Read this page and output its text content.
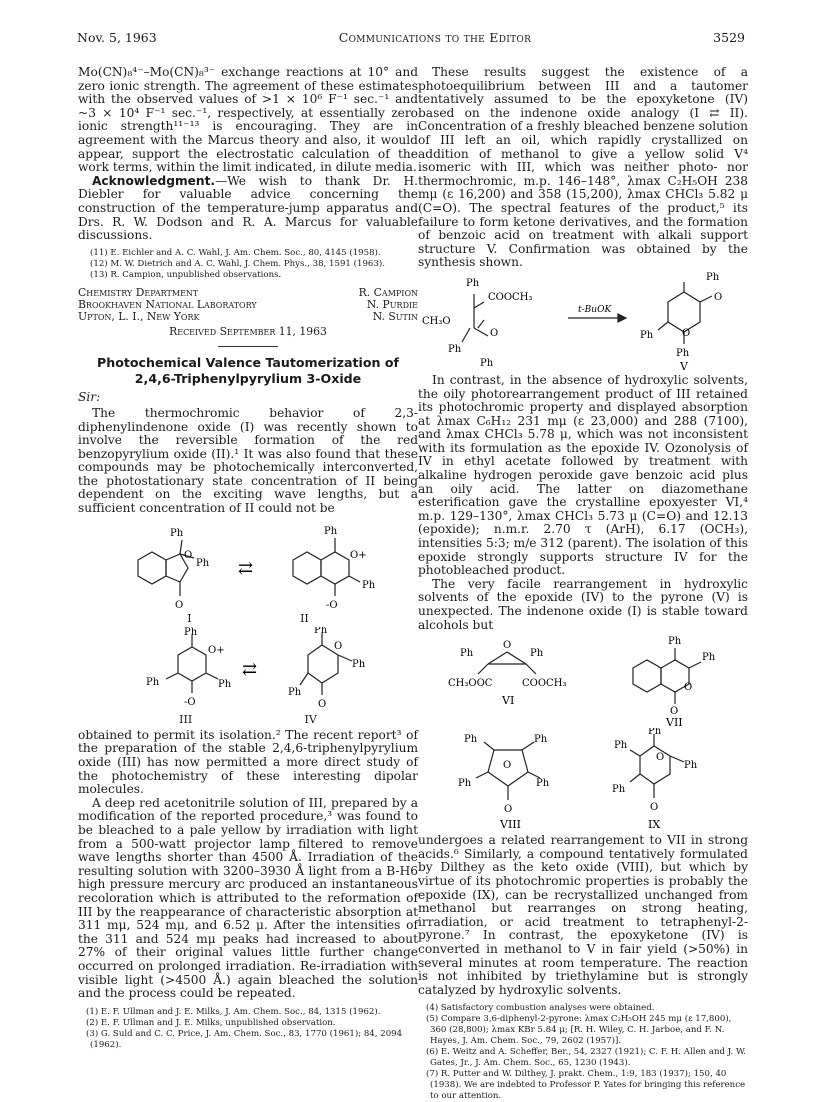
Nov. 5, 1963	Communications to the Editor	3529

Mo(CN)₈⁴⁻–Mo(CN)₈³⁻ exchange reactions at 10° and zero ionic strength. The agreement of these estimates with the observed values of >1 × 10⁶ F⁻¹ sec.⁻¹ and ~3 × 10⁴ F⁻¹ sec.⁻¹, respectively, at essentially zero ionic strength¹¹⁻¹³ is encouraging. They are in agreement with the Marcus theory and also, it would appear, support the electrostatic calculation of the work terms, within the limit indicated, in dilute media.

Acknowledgment.—We wish to thank Dr. H. Diebler for valuable advice concerning the construction of the temperature-jump apparatus and Drs. R. W. Dodson and R. A. Marcus for valuable discussions.

(11) E. Eichler and A. C. Wahl, J. Am. Chem. Soc., 80, 4145 (1958).
(12) M. W. Dietrich and A. C. Wahl, J. Chem. Phys., 38, 1591 (1963).
(13) R. Campion, unpublished observations.
Chemistry Department
Brookhaven National Laboratory
Upton, L. I., New York
R. Campion
N. Purdie
N. Sutin
Received September 11, 1963
Photochemical Valence Tautomerization of
2,4,6-Triphenylpyrylium 3-Oxide

Sir:

The thermochromic behavior of 2,3-diphenylindenone oxide (I) was recently shown to involve the reversible formation of the red benzopyrylium oxide (II).¹ It was also found that these compounds may be photochemically interconverted, the photostationary state concentration of II being dependent on the exciting wave lengths, but a sufficient concentration of II could not be

Ph
O
Ph
O
Ph
O+
Ph
-O
⇄
I	II
Ph
O+
Ph	Ph
-O
Ph
O
Ph
Ph
O
⇄
III	IV

obtained to permit its isolation.² The recent report³ of the preparation of the stable 2,4,6-triphenylpyrylium oxide (III) has now permitted a more direct study of the photochemistry of these interesting dipolar molecules.

A deep red acetonitrile solution of III, prepared by a modification of the reported procedure,³ was found to be bleached to a pale yellow by irradiation with light from a 500-watt projector lamp filtered to remove wave lengths shorter than 4500 Å. Irradiation of the resulting solution with 3200–3930 Å light from a B-H6 high pressure mercury arc produced an instantaneous recoloration which is attributed to the reformation of III by the reappearance of characteristic absorption at 311 mμ, 524 mμ, and 6.52 μ. After the intensities of the 311 and 524 mμ peaks had increased to about 27% of their original values little further change occurred on prolonged irradiation. Re-irradiation with visible light (>4500 Å.) again bleached the solution and the process could be repeated.

(1) E. F. Ullman and J. E. Milks, J. Am. Chem. Soc., 84, 1315 (1962).
(2) E. F. Ullman and J. E. Milks, unpublished observation.
(3) G. Suld and C. C. Price, J. Am. Chem. Soc., 83, 1770 (1961); 84, 2094 (1962).

These results suggest the existence of a photoequilibrium between III and a tautomer tentatively assumed to be the epoxyketone (IV) based on the indenone oxide analogy (I ⇄ II). Concentration of a freshly bleached benzene solution of III left an oil, which rapidly crystallized on addition of methanol to give a yellow solid V⁴ isomeric with III, which was neither photo- nor thermochromic, m.p. 146–148°, λmax C₂H₅OH 238 mμ (ε 16,200) and 358 (15,200), λmax CHCl₃ 5.82 μ (C=O). The spectral features of the product,⁵ its failure to form ketone derivatives, and the formation of benzoic acid on treatment with alkali support structure V. Confirmation was obtained by the synthesis shown.

Ph
COOCH₃
CH₃O
O
Ph
Ph
t-BuOK
Ph
O
Ph	O
Ph
V

In contrast, in the absence of hydroxylic solvents, the oily photorearrangement product of III retained its photochromic property and displayed absorption at λmax C₆H₁₂ 231 mμ (ε 23,000) and 288 (7100), and λmax CHCl₃ 5.78 μ, which was not inconsistent with its formulation as the epoxide IV. Ozonolysis of IV in ethyl acetate followed by treatment with alkaline hydrogen peroxide gave benzoic acid plus an oily acid. The latter on diazomethane esterification gave the crystalline epoxyester VI,⁴ m.p. 129–130°, λmax CHCl₃ 5.73 μ (C=O) and 12.13 (epoxide); n.m.r. 2.70 τ (ArH), 6.17 (OCH₃), intensities 5:3; m/e 312 (parent). The isolation of this epoxide strongly supports structure IV for the photobleached product.

The very facile rearrangement in hydroxylic solvents of the epoxide (IV) to the pyrone (V) is unexpected. The indenone oxide (I) is stable toward alcohols but

Ph
O
Ph
CH₃OOC	COOCH₃
VI
Ph
Ph
O
O
VII
Ph	Ph
O
Ph	Ph
O
VIII
Ph
Ph
O
Ph
Ph
O
IX

undergoes a related rearrangement to VII in strong acids.⁶ Similarly, a compound tentatively formulated by Dilthey as the keto oxide (VIII), but which by virtue of its photochromic properties is probably the epoxide (IX), can be recrystallized unchanged from methanol but rearranges on strong heating, irradiation, or acid treatment to tetraphenyl-2-pyrone.⁷ In contrast, the epoxyketone (IV) is converted in methanol to V in fair yield (>50%) in several minutes at room temperature. The reaction is not inhibited by triethylamine but is strongly catalyzed by hydroxylic solvents.

(4) Satisfactory combustion analyses were obtained.
(5) Compare 3,6-diphenyl-2-pyrone: λmax C₂H₅OH 245 mμ (ε 17,800), 360 (28,800); λmax KBr 5.84 μ; [R. H. Wiley, C. H. Jarboe, and F. N. Hayes, J. Am. Chem. Soc., 79, 2602 (1957)].
(6) E. Weitz and A. Scheffer, Ber., 54, 2327 (1921); C. F. H. Allen and J. W. Gates, Jr., J. Am. Chem. Soc., 65, 1230 (1943).
(7) R. Putter and W. Dilthey, J. prakt. Chem., 1:9, 183 (1937); 150, 40 (1938). We are indebted to Professor P. Yates for bringing this reference to our attention.
